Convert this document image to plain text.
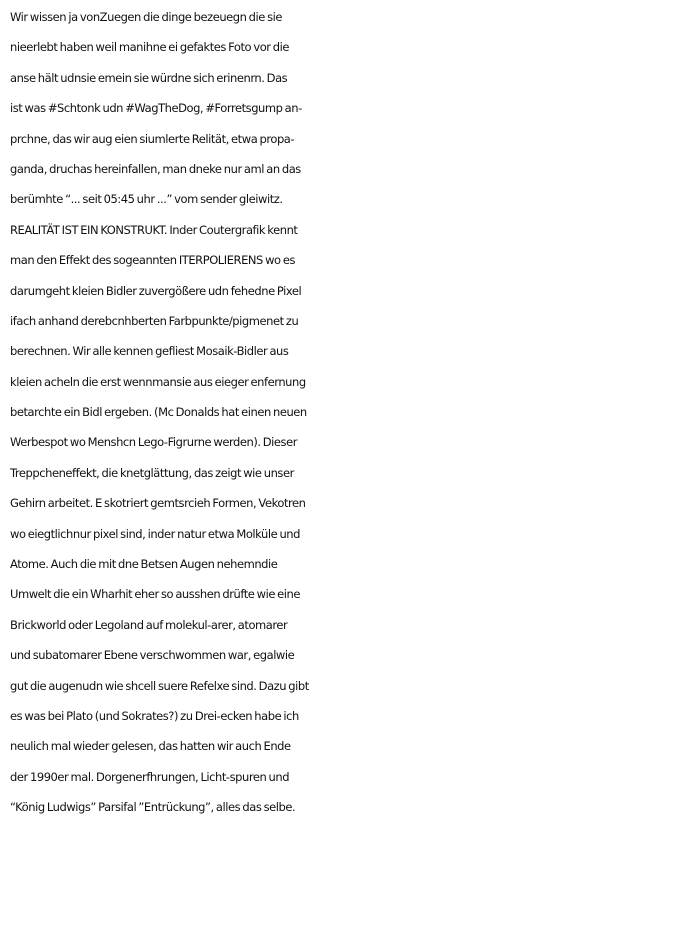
Wir wissen ja vonZuegen die dinge bezeuegn die sie
nieerlebt haben weil manihne ei gefaktes Foto vor die
anse hält udnsie emein sie würdne sich erinenrn. Das
ist was #Schtonk udn #WagTheDog, #Forretsgump an-
prchne, das wir aug eien siumlerte Relität, etwa propa-
ganda, druchas hereinfallen, man dneke nur aml an das
berümhte “... seit 05:45 uhr ...” vom sender gleiwitz.
REALITÄT IST EIN KONSTRUKT. Inder Coutergrafik kennt
man den Effekt des sogeannten ITERPOLIERENS wo es
darumgeht kleien Bidler zuvergößere udn fehedne Pixel
ifach anhand derebcnhberten Farbpunkte/pigmenet zu
berechnen. Wir alle kennen gefliest Mosaik-Bidler aus
kleien acheln die erst wennmansie aus eieger enfernung
betarchte ein Bidl ergeben. (Mc Donalds hat einen neuen
Werbespot wo Menshcn Lego-Figrurne werden). Dieser
Treppcheneffekt, die knetglättung, das zeigt wie unser
Gehirn arbeitet. E skotriert gemtsrcieh Formen, Vekotren
wo eiegtlichnur pixel sind, inder natur etwa Molküle und
Atome. Auch die mit dne Betsen Augen nehemndie
Umwelt die ein Wharhit eher so ausshen drüfte wie eine
Brickworld oder Legoland auf molekul-arer, atomarer
und subatomarer Ebene verschwommen war, egalwie
gut die augenudn wie shcell suere Refelxe sind. Dazu gibt
es was bei Plato (und Sokrates?) zu Drei-ecken habe ich
neulich mal wieder gelesen, das hatten wir auch Ende
der 1990er mal. Dorgenerfhrungen, Licht-spuren und
“König Ludwigs” Parsifal ”Entrückung”, alles das selbe.
